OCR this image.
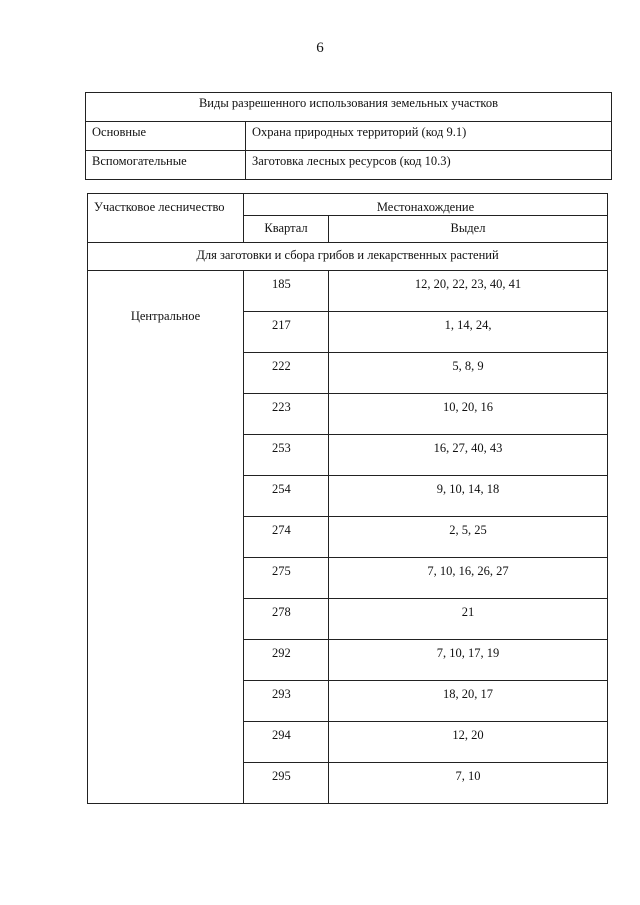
6
Виды разрешенного использования земельных участков	
Основные	Охрана природных территорий (код 9.1)
Вспомогательные	Заготовка лесных ресурсов (код 10.3)
Участковое лесничество	Местонахождение	
	Квартал	Выдел
Для заготовки и сбора грибов и лекарственных растений		
Центральное	185	12, 20, 22, 23, 40, 41
	217	1, 14, 24,
	222	5, 8, 9
	223	10, 20, 16
	253	16, 27, 40, 43
	254	9, 10, 14, 18
	274	2, 5, 25
	275	7, 10, 16, 26, 27
	278	21
	292	7, 10, 17, 19
	293	18, 20, 17
	294	12, 20
	295	7, 10
